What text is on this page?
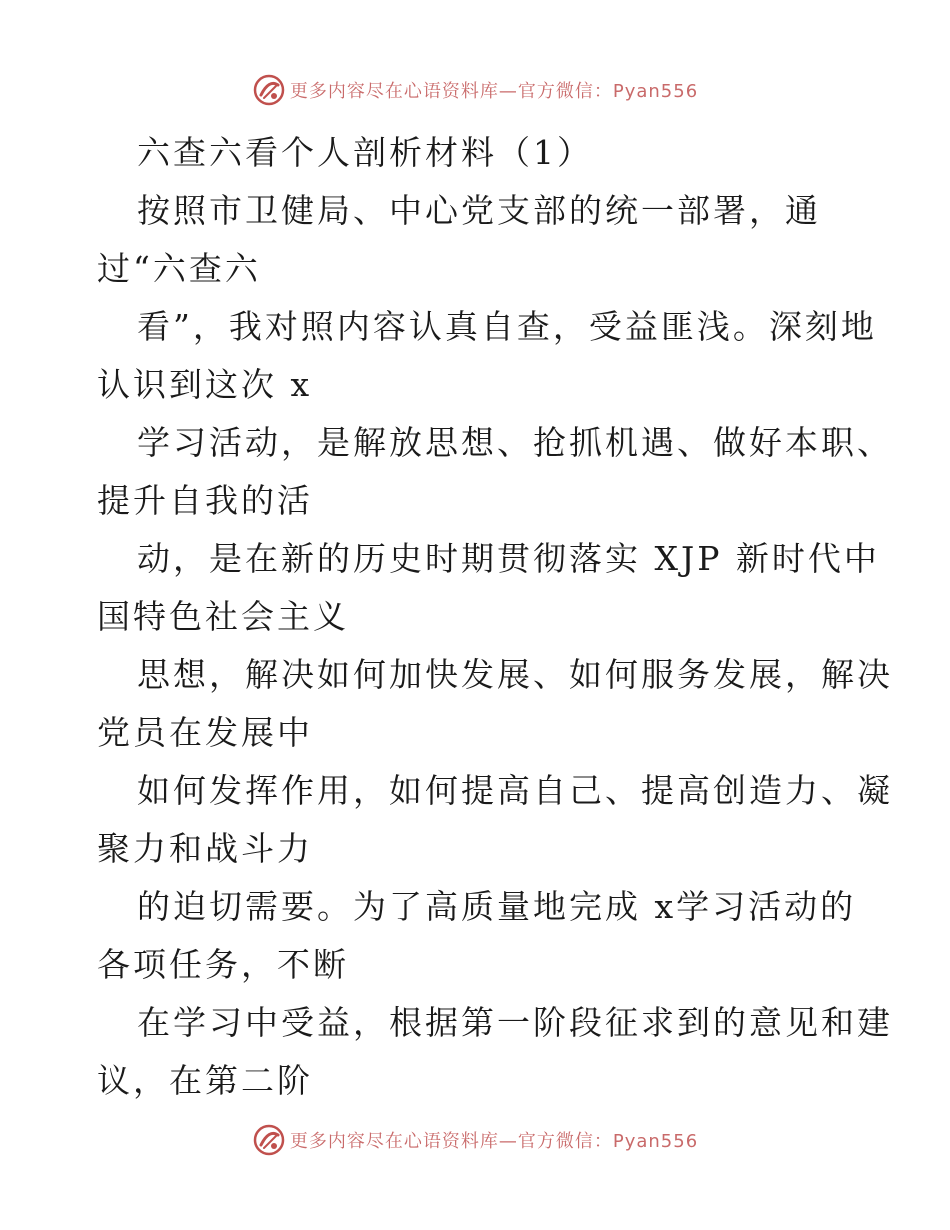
更多内容尽在心语资料库—官方微信：Pyan556
六查六看个人剖析材料（1）
按照市卫健局、中心党支部的统一部署，通
过“六查六
看”，我对照内容认真自查，受益匪浅。深刻地
认识到这次 x
学习活动，是解放思想、抢抓机遇、做好本职、
提升自我的活
动，是在新的历史时期贯彻落实 XJP 新时代中
国特色社会主义
思想，解决如何加快发展、如何服务发展，解决
党员在发展中
如何发挥作用，如何提高自己、提高创造力、凝
聚力和战斗力
的迫切需要。为了高质量地完成 x学习活动的
各项任务，不断
在学习中受益，根据第一阶段征求到的意见和建
议，在第二阶
更多内容尽在心语资料库—官方微信：Pyan556
